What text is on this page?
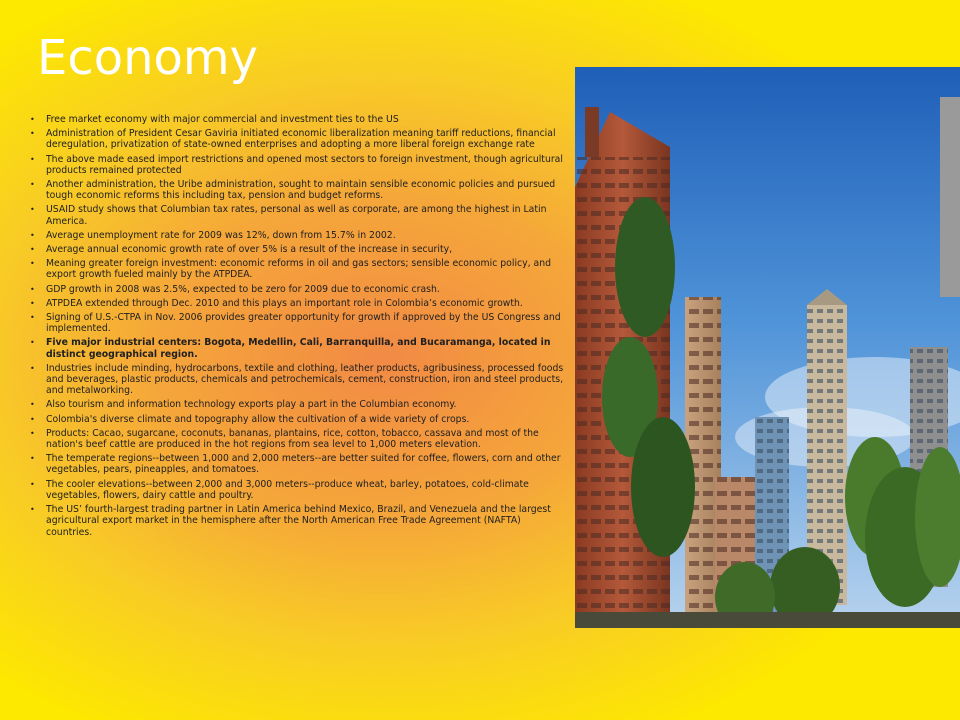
Economy
• Free market economy with major commercial and investment ties to the US
• Administration of President Cesar Gaviria initiated economic liberalization meaning tariff reductions, financial deregulation, privatization of state-owned enterprises and adopting a more liberal foreign exchange rate
• The above made eased import restrictions and opened most sectors to foreign investment, though agricultural products remained protected
• Another administration, the Uribe administration, sought to maintain sensible economic policies and pursued tough economic reforms this including tax, pension and budget reforms.
• USAID study shows that Columbian tax rates, personal as well as corporate, are among the highest in Latin America.
• Average unemployment rate for 2009 was 12%, down from 15.7% in 2002.
• Average annual economic growth rate of over 5% is a result of the increase in security,
• Meaning greater foreign investment: economic reforms in oil and gas sectors; sensible economic policy, and export growth fueled mainly by the ATPDEA.
• GDP growth in 2008 was 2.5%, expected to be zero for 2009 due to economic crash.
• ATPDEA extended through Dec. 2010 and this plays an important role in Colombia’s economic growth.
• Signing of U.S.-CTPA in Nov. 2006 provides greater opportunity for growth if approved by the US Congress and implemented.
• Five major industrial centers: Bogota, Medellin, Cali, Barranquilla, and Bucaramanga, located in distinct geographical region.
• Industries include minding, hydrocarbons, textile and clothing, leather products, agribusiness, processed foods and beverages, plastic products, chemicals and petrochemicals, cement, construction, iron and steel products, and metalworking.
• Also tourism and information technology exports play a part in the Columbian economy.
• Colombia's diverse climate and topography allow the cultivation of a wide variety of crops.
• Products: Cacao, sugarcane, coconuts, bananas, plantains, rice, cotton, tobacco, cassava and most of the nation's beef cattle are produced in the hot regions from sea level to 1,000 meters elevation.
• The temperate regions--between 1,000 and 2,000 meters--are better suited for coffee, flowers, corn and other vegetables, pears, pineapples, and tomatoes.
• The cooler elevations--between 2,000 and 3,000 meters--produce wheat, barley, potatoes, cold-climate vegetables, flowers, dairy cattle and poultry.
• The US’ fourth-largest trading partner in Latin America behind Mexico, Brazil, and Venezuela and the largest agricultural export market in the hemisphere after the North American Free Trade Agreement (NAFTA) countries.
